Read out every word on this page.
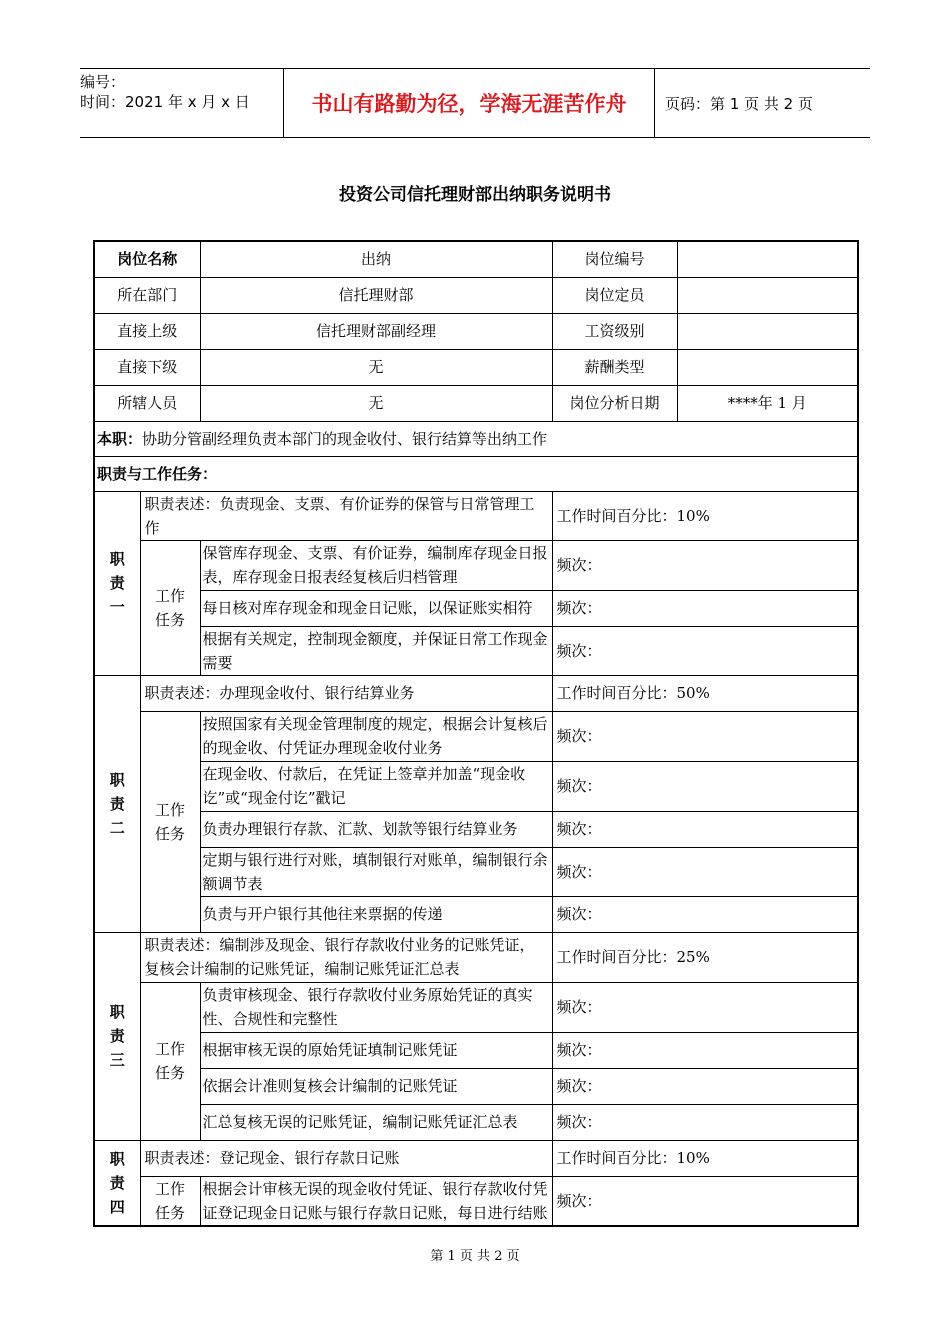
编号：
时间：2021 年 x 月 x 日	书山有路勤为径，学海无涯苦作舟	页码：第 1 页 共 2 页
投资公司信托理财部出纳职务说明书
岗位名称		出纳	岗位编号	
所在部门		信托理财部	岗位定员	
直接上级		信托理财部副经理	工资级别	
直接下级		无	薪酬类型	
所辖人员		无	岗位分析日期	****年 1 月
本职：协助分管副经理负责本部门的现金收付、银行结算等出纳工作				
职责与工作任务：				
职
责
一	职责表述：负责现金、支票、有价证券的保管与日常管理工作		工作时间百分比：10%	
	工作
任务	保管库存现金、支票、有价证券，编制库存现金日报表，库存现金日报表经复核后归档管理	频次：	
		每日核对库存现金和现金日记账，以保证账实相符	频次：	
		根据有关规定，控制现金额度，并保证日常工作现金需要	频次：	
职
责
二	职责表述：办理现金收付、银行结算业务		工作时间百分比：50%	
	工作
任务	按照国家有关现金管理制度的规定，根据会计复核后的现金收、付凭证办理现金收付业务	频次：	
		在现金收、付款后，在凭证上签章并加盖“现金收讫”或“现金付讫”戳记	频次：	
		负责办理银行存款、汇款、划款等银行结算业务	频次：	
		定期与银行进行对账，填制银行对账单，编制银行余额调节表	频次：	
		负责与开户银行其他往来票据的传递	频次：	
职
责
三	职责表述：编制涉及现金、银行存款收付业务的记账凭证，复核会计编制的记账凭证，编制记账凭证汇总表		工作时间百分比：25%	
	工作
任务	负责审核现金、银行存款收付业务原始凭证的真实性、合规性和完整性	频次：	
		根据审核无误的原始凭证填制记账凭证	频次：	
		依据会计准则复核会计编制的记账凭证	频次：	
		汇总复核无误的记账凭证，编制记账凭证汇总表	频次：	
职
责
四	职责表述：登记现金、银行存款日记账		工作时间百分比：10%	
	工作
任务	根据会计审核无误的现金收付凭证、银行存款收付凭证登记现金日记账与银行存款日记账，每日进行结账	频次：	
第 1 页 共 2 页
